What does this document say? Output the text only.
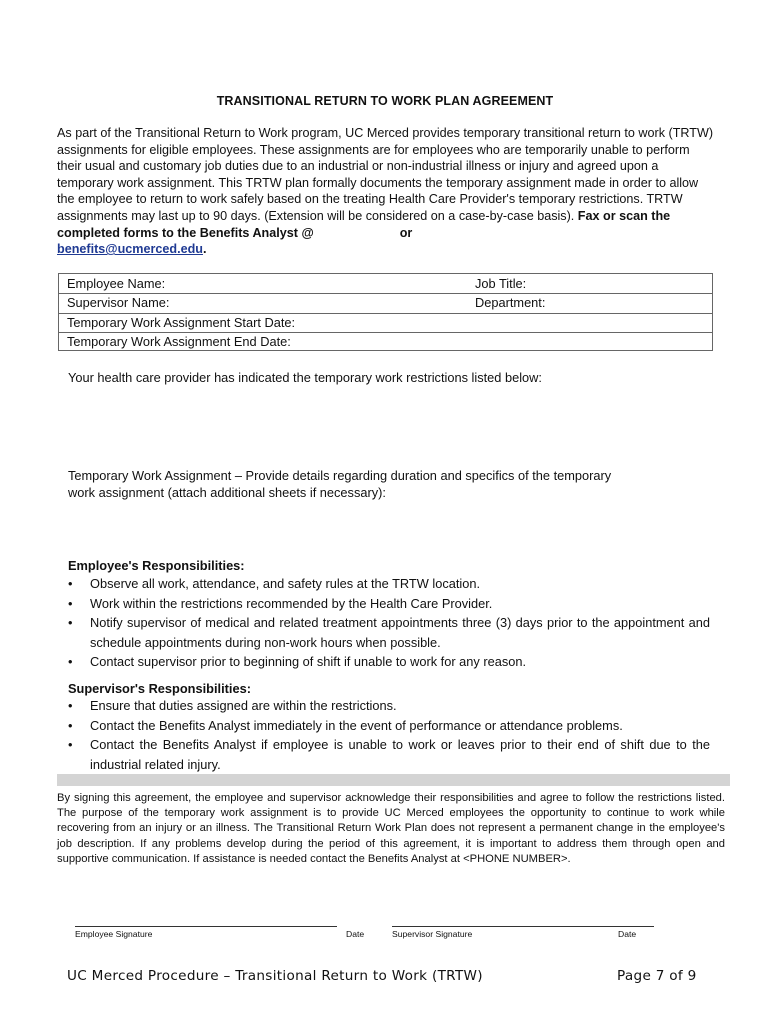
TRANSITIONAL RETURN TO WORK PLAN AGREEMENT
As part of the Transitional Return to Work program, UC Merced provides temporary transitional return to work (TRTW) assignments for eligible employees. These assignments are for employees who are temporarily unable to perform their usual and customary job duties due to an industrial or non-industrial illness or injury and agreed upon a temporary work assignment. This TRTW plan formally documents the temporary assignment made in order to allow the employee to return to work safely based on the treating Health Care Provider's temporary restrictions. TRTW assignments may last up to 90 days. (Extension will be considered on a case-by-case basis). Fax or scan the completed forms to the Benefits Analyst @	or
benefits@ucmerced.edu.
Employee Name:	Job Title:
Supervisor Name:	Department:
Temporary Work Assignment Start Date:
Temporary Work Assignment End Date:
Your health care provider has indicated the temporary work restrictions listed below:
Temporary Work Assignment – Provide details regarding duration and specifics of the temporary
work assignment (attach additional sheets if necessary):
Employee's Responsibilities:
• Observe all work, attendance, and safety rules at the TRTW location.
• Work within the restrictions recommended by the Health Care Provider.
• Notify supervisor of medical and related treatment appointments three (3) days prior to the appointment and schedule appointments during non-work hours when possible.
• Contact supervisor prior to beginning of shift if unable to work for any reason.
Supervisor's Responsibilities:
• Ensure that duties assigned are within the restrictions.
• Contact the Benefits Analyst immediately in the event of performance or attendance problems.
• Contact the Benefits Analyst if employee is unable to work or leaves prior to their end of shift due to the industrial related injury.
By signing this agreement, the employee and supervisor acknowledge their responsibilities and agree to follow the restrictions listed. The purpose of the temporary work assignment is to provide UC Merced employees the opportunity to continue to work while recovering from an injury or an illness. The Transitional Return Work Plan does not represent a permanent change in the employee's job description. If any problems develop during the period of this agreement, it is important to address them through open and supportive communication. If assistance is needed contact the Benefits Analyst at <PHONE NUMBER>.
Employee Signature	Date	Supervisor Signature	Date
UC Merced Procedure – Transitional Return to Work (TRTW)	Page 7 of 9
